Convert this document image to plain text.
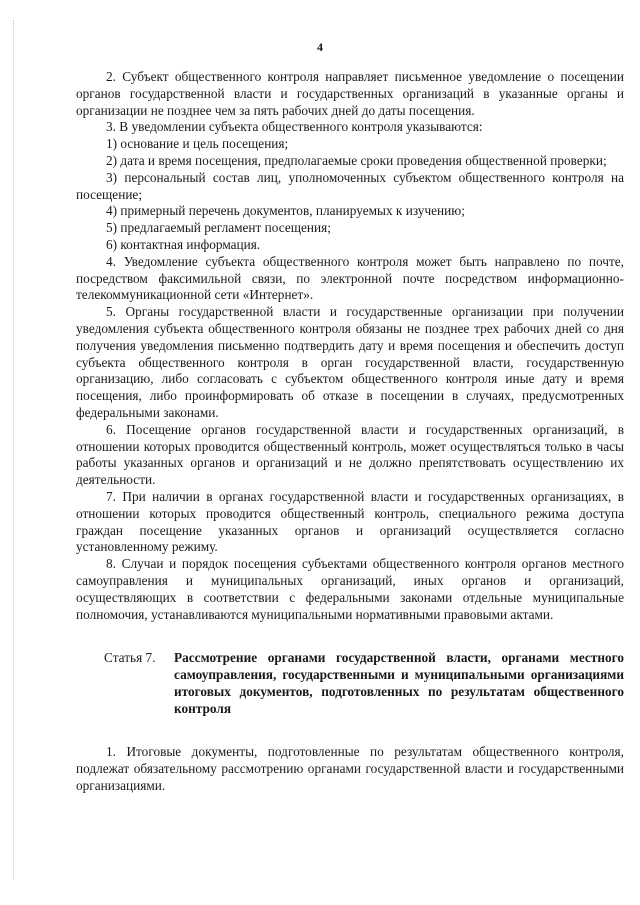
4

2. Субъект общественного контроля направляет письменное уведомление о посещении органов государственной власти и государственных организаций в указанные органы и организации не позднее чем за пять рабочих дней до даты посещения.

3. В уведомлении субъекта общественного контроля указываются:

1) основание и цель посещения;

2) дата и время посещения, предполагаемые сроки проведения общественной проверки;

3) персональный состав лиц, уполномоченных субъектом общественного контроля на посещение;

4) примерный перечень документов, планируемых к изучению;

5) предлагаемый регламент посещения;

6) контактная информация.

4. Уведомление субъекта общественного контроля может быть направлено по почте, посредством факсимильной связи, по электронной почте посредством информационно-телекоммуникационной сети «Интернет».

5. Органы государственной власти и государственные организации при получении уведомления субъекта общественного контроля обязаны не позднее трех рабочих дней со дня получения уведомления письменно подтвердить дату и время посещения и обеспечить доступ субъекта общественного контроля в орган государственной власти, государственную организацию, либо согласовать с субъектом общественного контроля иные дату и время посещения, либо проинформировать об отказе в посещении в случаях, предусмотренных федеральными законами.

6. Посещение органов государственной власти и государственных организаций, в отношении которых проводится общественный контроль, может осуществляться только в часы работы указанных органов и организаций и не должно препятствовать осуществлению их деятельности.

7. При наличии в органах государственной власти и государственных организациях, в отношении которых проводится общественный контроль, специального режима доступа граждан посещение указанных органов и организаций осуществляется согласно установленному режиму.

8. Случаи и порядок посещения субъектами общественного контроля органов местного самоуправления и муниципальных организаций, иных органов и организаций, осуществляющих в соответствии с федеральными законами отдельные муниципальные полномочия, устанавливаются муниципальными нормативными правовыми актами.

Статья 7.	Рассмотрение органами государственной власти, органами местного самоуправления, государственными и муниципальными организациями итоговых документов, подготовленных по результатам общественного контроля

1. Итоговые документы, подготовленные по результатам общественного контроля, подлежат обязательному рассмотрению органами государственной власти и государственными организациями.
